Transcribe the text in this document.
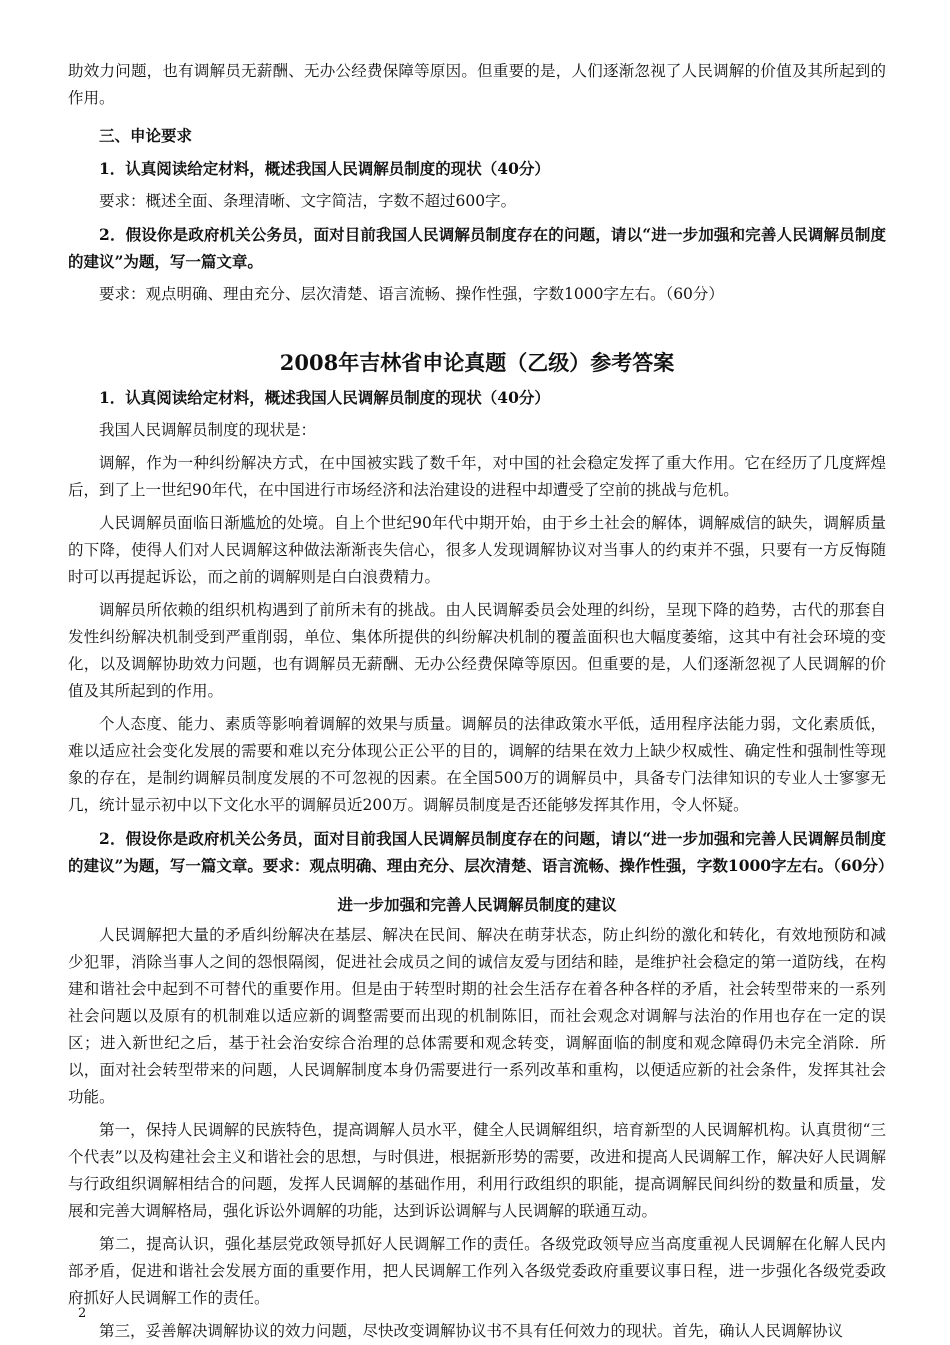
助效力问题，也有调解员无薪酬、无办公经费保障等原因。但重要的是，人们逐渐忽视了人民调解的价值及其所起到的作用。

三、申论要求

1．认真阅读给定材料，概述我国人民调解员制度的现状（40分）

要求：概述全面、条理清晰、文字简洁，字数不超过600字。

2．假设你是政府机关公务员，面对目前我国人民调解员制度存在的问题，请以“进一步加强和完善人民调解员制度的建议”为题，写一篇文章。

要求：观点明确、理由充分、层次清楚、语言流畅、操作性强，字数1000字左右。（60分）

2008年吉林省申论真题（乙级）参考答案

1．认真阅读给定材料，概述我国人民调解员制度的现状（40分）

我国人民调解员制度的现状是：

调解，作为一种纠纷解决方式，在中国被实践了数千年，对中国的社会稳定发挥了重大作用。它在经历了几度辉煌后，到了上一世纪90年代，在中国进行市场经济和法治建设的进程中却遭受了空前的挑战与危机。

人民调解员面临日渐尴尬的处境。自上个世纪90年代中期开始，由于乡土社会的解体，调解威信的缺失，调解质量的下降，使得人们对人民调解这种做法渐渐丧失信心，很多人发现调解协议对当事人的约束并不强，只要有一方反悔随时可以再提起诉讼，而之前的调解则是白白浪费精力。

调解员所依赖的组织机构遇到了前所未有的挑战。由人民调解委员会处理的纠纷，呈现下降的趋势，古代的那套自发性纠纷解决机制受到严重削弱，单位、集体所提供的纠纷解决机制的覆盖面积也大幅度萎缩，这其中有社会环境的变化，以及调解协助效力问题，也有调解员无薪酬、无办公经费保障等原因。但重要的是，人们逐渐忽视了人民调解的价值及其所起到的作用。

个人态度、能力、素质等影响着调解的效果与质量。调解员的法律政策水平低，适用程序法能力弱，文化素质低，难以适应社会变化发展的需要和难以充分体现公正公平的目的，调解的结果在效力上缺少权威性、确定性和强制性等现象的存在，是制约调解员制度发展的不可忽视的因素。在全国500万的调解员中，具备专门法律知识的专业人士寥寥无几，统计显示初中以下文化水平的调解员近200万。调解员制度是否还能够发挥其作用，令人怀疑。

2．假设你是政府机关公务员，面对目前我国人民调解员制度存在的问题，请以“进一步加强和完善人民调解员制度的建议”为题，写一篇文章。要求：观点明确、理由充分、层次清楚、语言流畅、操作性强，字数1000字左右。（60分）

进一步加强和完善人民调解员制度的建议

人民调解把大量的矛盾纠纷解决在基层、解决在民间、解决在萌芽状态，防止纠纷的激化和转化，有效地预防和减少犯罪，消除当事人之间的怨恨隔阂，促进社会成员之间的诚信友爱与团结和睦，是维护社会稳定的第一道防线，在构建和谐社会中起到不可替代的重要作用。但是由于转型时期的社会生活存在着各种各样的矛盾，社会转型带来的一系列社会问题以及原有的机制难以适应新的调整需要而出现的机制陈旧，而社会观念对调解与法治的作用也存在一定的误区；进入新世纪之后，基于社会治安综合治理的总体需要和观念转变，调解面临的制度和观念障碍仍未完全消除．所以，面对社会转型带来的问题，人民调解制度本身仍需要进行一系列改革和重构，以便适应新的社会条件，发挥其社会功能。

第一，保持人民调解的民族特色，提高调解人员水平，健全人民调解组织，培育新型的人民调解机构。认真贯彻“三个代表”以及构建社会主义和谐社会的思想，与时俱进，根据新形势的需要，改进和提高人民调解工作，解决好人民调解与行政组织调解相结合的问题，发挥人民调解的基础作用，利用行政组织的职能，提高调解民间纠纷的数量和质量，发展和完善大调解格局，强化诉讼外调解的功能，达到诉讼调解与人民调解的联通互动。

第二，提高认识，强化基层党政领导抓好人民调解工作的责任。各级党政领导应当高度重视人民调解在化解人民内部矛盾，促进和谐社会发展方面的重要作用，把人民调解工作列入各级党委政府重要议事日程，进一步强化各级党委政府抓好人民调解工作的责任。

第三，妥善解决调解协议的效力问题，尽快改变调解协议书不具有任何效力的现状。首先，确认人民调解协议

2
